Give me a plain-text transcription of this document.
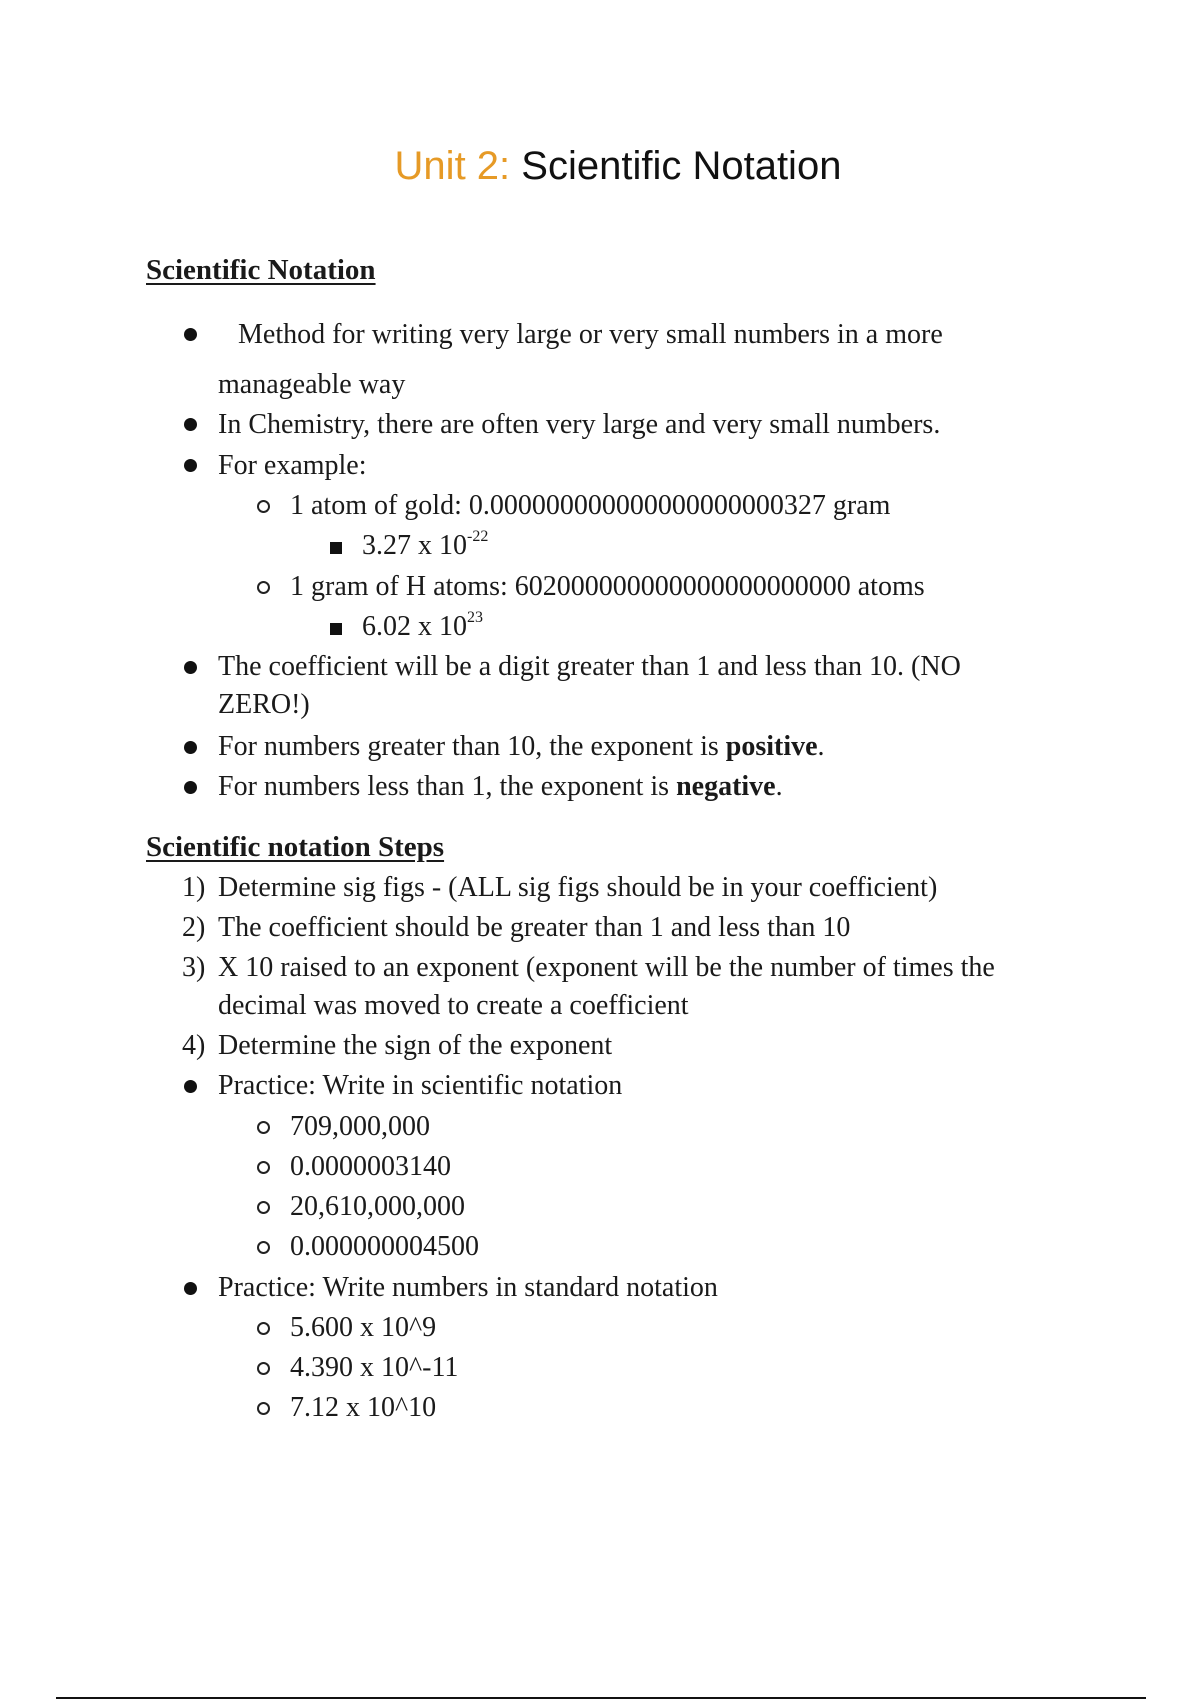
Unit 2: Scientific Notation
Scientific Notation
Method for writing very large or very small numbers in a more
manageable way
In Chemistry, there are often very large and very small numbers.
For example:
1 atom of gold: 0.000000000000000000000327 gram
3.27 x $10^{-22}$
1 gram of H atoms: 602000000000000000000000 atoms
6.02 x $10^{23}$
The coefficient will be a digit greater than 1 and less than 10. (NO
ZERO!)
For numbers greater than 10, the exponent is positive.
For numbers less than 1, the exponent is negative.
Scientific notation Steps
1) Determine sig figs - (ALL sig figs should be in your coefficient)
2) The coefficient should be greater than 1 and less than 10
3) X 10 raised to an exponent (exponent will be the number of times the
decimal was moved to create a coefficient
4) Determine the sign of the exponent
Practice: Write in scientific notation
709,000,000
0.0000003140
20,610,000,000
0.000000004500
Practice: Write numbers in standard notation
5.600 x 10^9
4.390 x 10^-11
7.12 x 10^10
